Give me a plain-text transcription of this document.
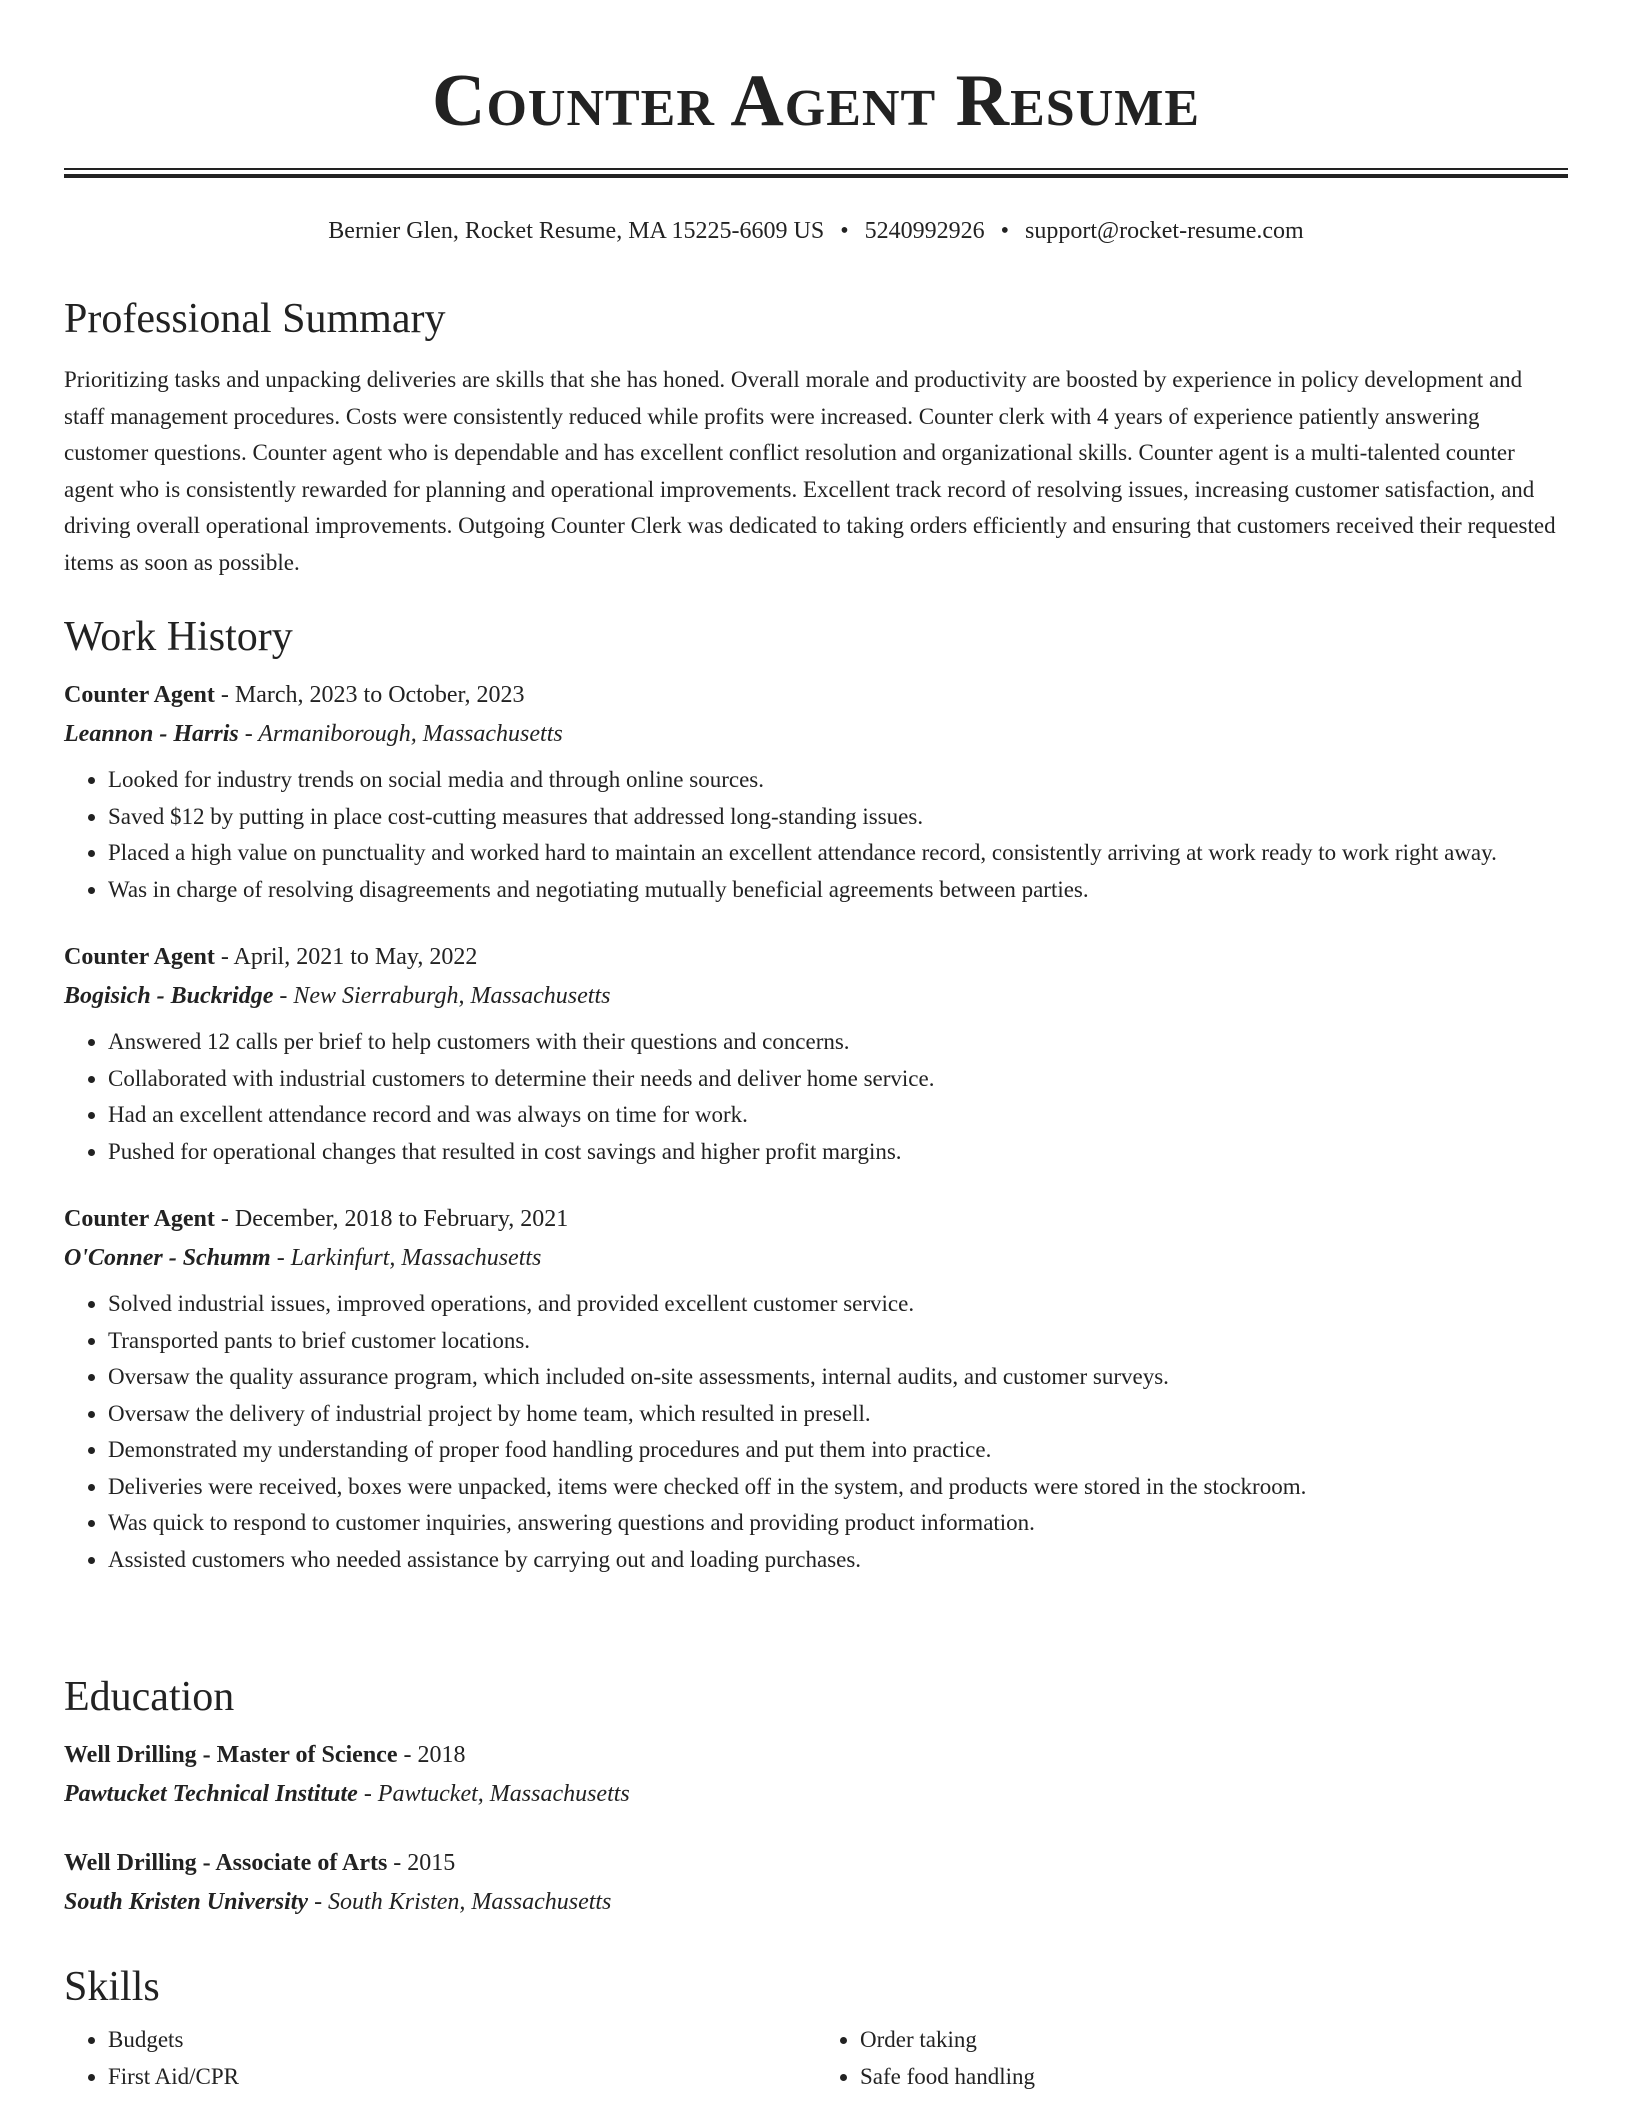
Counter Agent Resume
Bernier Glen, Rocket Resume, MA 15225-6609 US • 5240992926 • support@rocket-resume.com
Professional Summary

Prioritizing tasks and unpacking deliveries are skills that she has honed. Overall morale and productivity are boosted by experience in policy development and staff management procedures. Costs were consistently reduced while profits were increased. Counter clerk with 4 years of experience patiently answering customer questions. Counter agent who is dependable and has excellent conflict resolution and organizational skills. Counter agent is a multi-talented counter agent who is consistently rewarded for planning and operational improvements. Excellent track record of resolving issues, increasing customer satisfaction, and driving overall operational improvements. Outgoing Counter Clerk was dedicated to taking orders efficiently and ensuring that customers received their requested items as soon as possible.

Work History
Counter Agent - March, 2023 to October, 2023
Leannon - Harris - Armaniborough, Massachusetts
• Looked for industry trends on social media and through online sources.
• Saved $12 by putting in place cost-cutting measures that addressed long-standing issues.
• Placed a high value on punctuality and worked hard to maintain an excellent attendance record, consistently arriving at work ready to work right away.
• Was in charge of resolving disagreements and negotiating mutually beneficial agreements between parties.
Counter Agent - April, 2021 to May, 2022
Bogisich - Buckridge - New Sierraburgh, Massachusetts
• Answered 12 calls per brief to help customers with their questions and concerns.
• Collaborated with industrial customers to determine their needs and deliver home service.
• Had an excellent attendance record and was always on time for work.
• Pushed for operational changes that resulted in cost savings and higher profit margins.
Counter Agent - December, 2018 to February, 2021
O'Conner - Schumm - Larkinfurt, Massachusetts
• Solved industrial issues, improved operations, and provided excellent customer service.
• Transported pants to brief customer locations.
• Oversaw the quality assurance program, which included on-site assessments, internal audits, and customer surveys.
• Oversaw the delivery of industrial project by home team, which resulted in presell.
• Demonstrated my understanding of proper food handling procedures and put them into practice.
• Deliveries were received, boxes were unpacked, items were checked off in the system, and products were stored in the stockroom.
• Was quick to respond to customer inquiries, answering questions and providing product information.
• Assisted customers who needed assistance by carrying out and loading purchases.
Education
Well Drilling - Master of Science - 2018
Pawtucket Technical Institute - Pawtucket, Massachusetts
Well Drilling - Associate of Arts - 2015
South Kristen University - South Kristen, Massachusetts
Skills
• Budgets
• First Aid/CPR
• Order taking
• Safe food handling
